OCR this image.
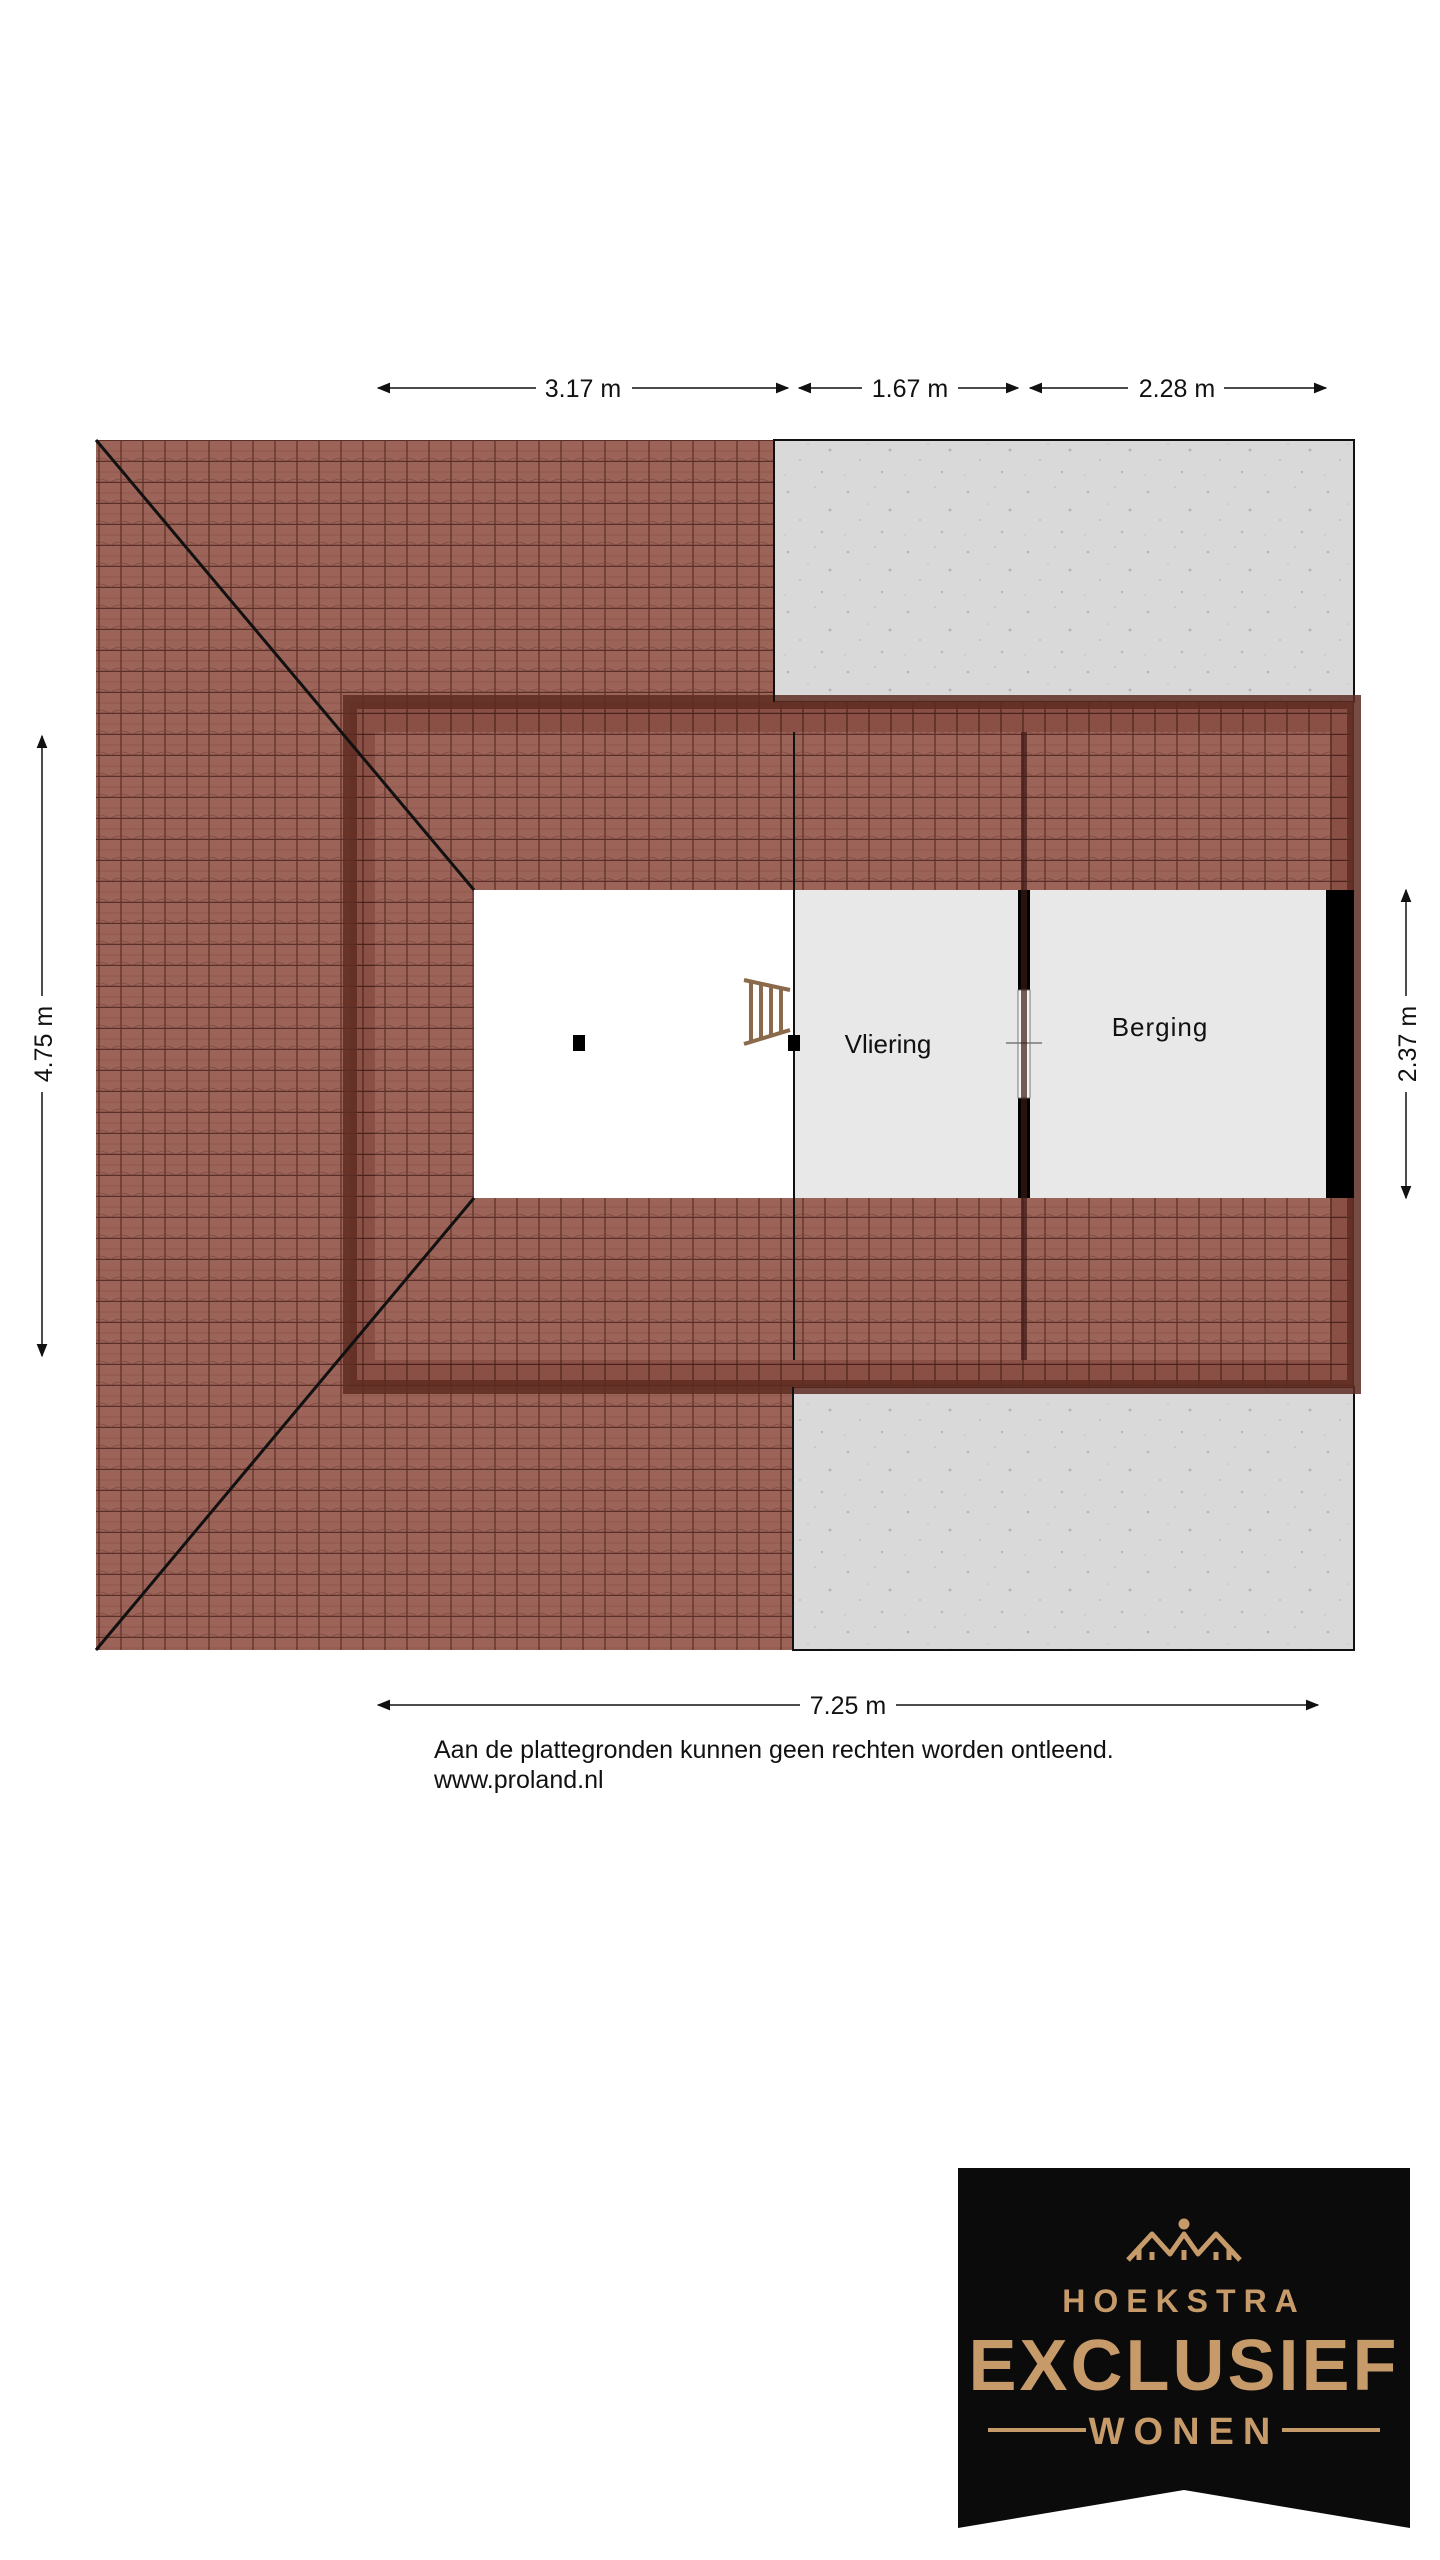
Vliering
Berging
3.17 m	1.67 m	2.28 m
7.25 m
4.75 m	2.37 m
Aan de plattegronden kunnen geen rechten worden ontleend.
www.proland.nl
HOEKSTRA
EXCLUSIEF
WONEN
